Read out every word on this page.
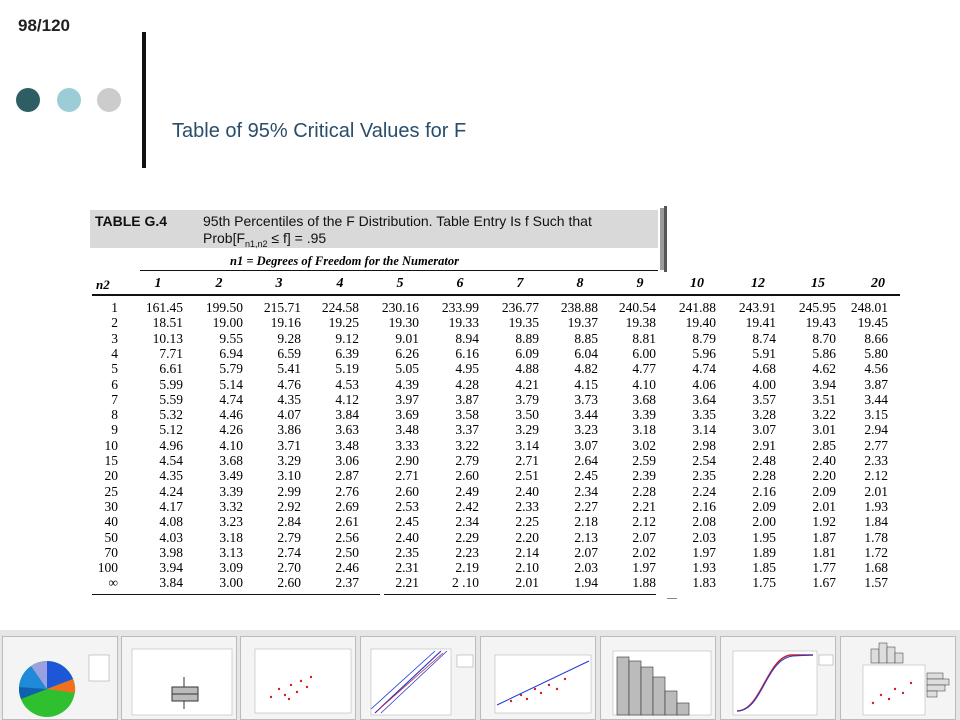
98/120
Table of 95% Critical Values for F
TABLE G.4	95th Percentiles of the F Distribution. Table Entry Is f Such that
$Prob[F_{n1,n2} \le f] = .95$
n1 = Degrees of Freedom for the Numerator
n2	1	2	3	4	5	6	7	8	9	10	12	15	20
1	161.45	199.50	215.71	224.58	230.16	233.99	236.77	238.88	240.54	241.88	243.91	245.95	248.01
2	18.51	19.00	19.16	19.25	19.30	19.33	19.35	19.37	19.38	19.40	19.41	19.43	19.45
3	10.13	9.55	9.28	9.12	9.01	8.94	8.89	8.85	8.81	8.79	8.74	8.70	8.66
4	7.71	6.94	6.59	6.39	6.26	6.16	6.09	6.04	6.00	5.96	5.91	5.86	5.80
5	6.61	5.79	5.41	5.19	5.05	4.95	4.88	4.82	4.77	4.74	4.68	4.62	4.56
6	5.99	5.14	4.76	4.53	4.39	4.28	4.21	4.15	4.10	4.06	4.00	3.94	3.87
7	5.59	4.74	4.35	4.12	3.97	3.87	3.79	3.73	3.68	3.64	3.57	3.51	3.44
8	5.32	4.46	4.07	3.84	3.69	3.58	3.50	3.44	3.39	3.35	3.28	3.22	3.15
9	5.12	4.26	3.86	3.63	3.48	3.37	3.29	3.23	3.18	3.14	3.07	3.01	2.94
10	4.96	4.10	3.71	3.48	3.33	3.22	3.14	3.07	3.02	2.98	2.91	2.85	2.77
15	4.54	3.68	3.29	3.06	2.90	2.79	2.71	2.64	2.59	2.54	2.48	2.40	2.33
20	4.35	3.49	3.10	2.87	2.71	2.60	2.51	2.45	2.39	2.35	2.28	2.20	2.12
25	4.24	3.39	2.99	2.76	2.60	2.49	2.40	2.34	2.28	2.24	2.16	2.09	2.01
30	4.17	3.32	2.92	2.69	2.53	2.42	2.33	2.27	2.21	2.16	2.09	2.01	1.93
40	4.08	3.23	2.84	2.61	2.45	2.34	2.25	2.18	2.12	2.08	2.00	1.92	1.84
50	4.03	3.18	2.79	2.56	2.40	2.29	2.20	2.13	2.07	2.03	1.95	1.87	1.78
70	3.98	3.13	2.74	2.50	2.35	2.23	2.14	2.07	2.02	1.97	1.89	1.81	1.72
100	3.94	3.09	2.70	2.46	2.31	2.19	2.10	2.03	1.97	1.93	1.85	1.77	1.68
∞	3.84	3.00	2.60	2.37	2.21	2 .10	2.01	1.94	1.88	1.83	1.75	1.67	1.57
